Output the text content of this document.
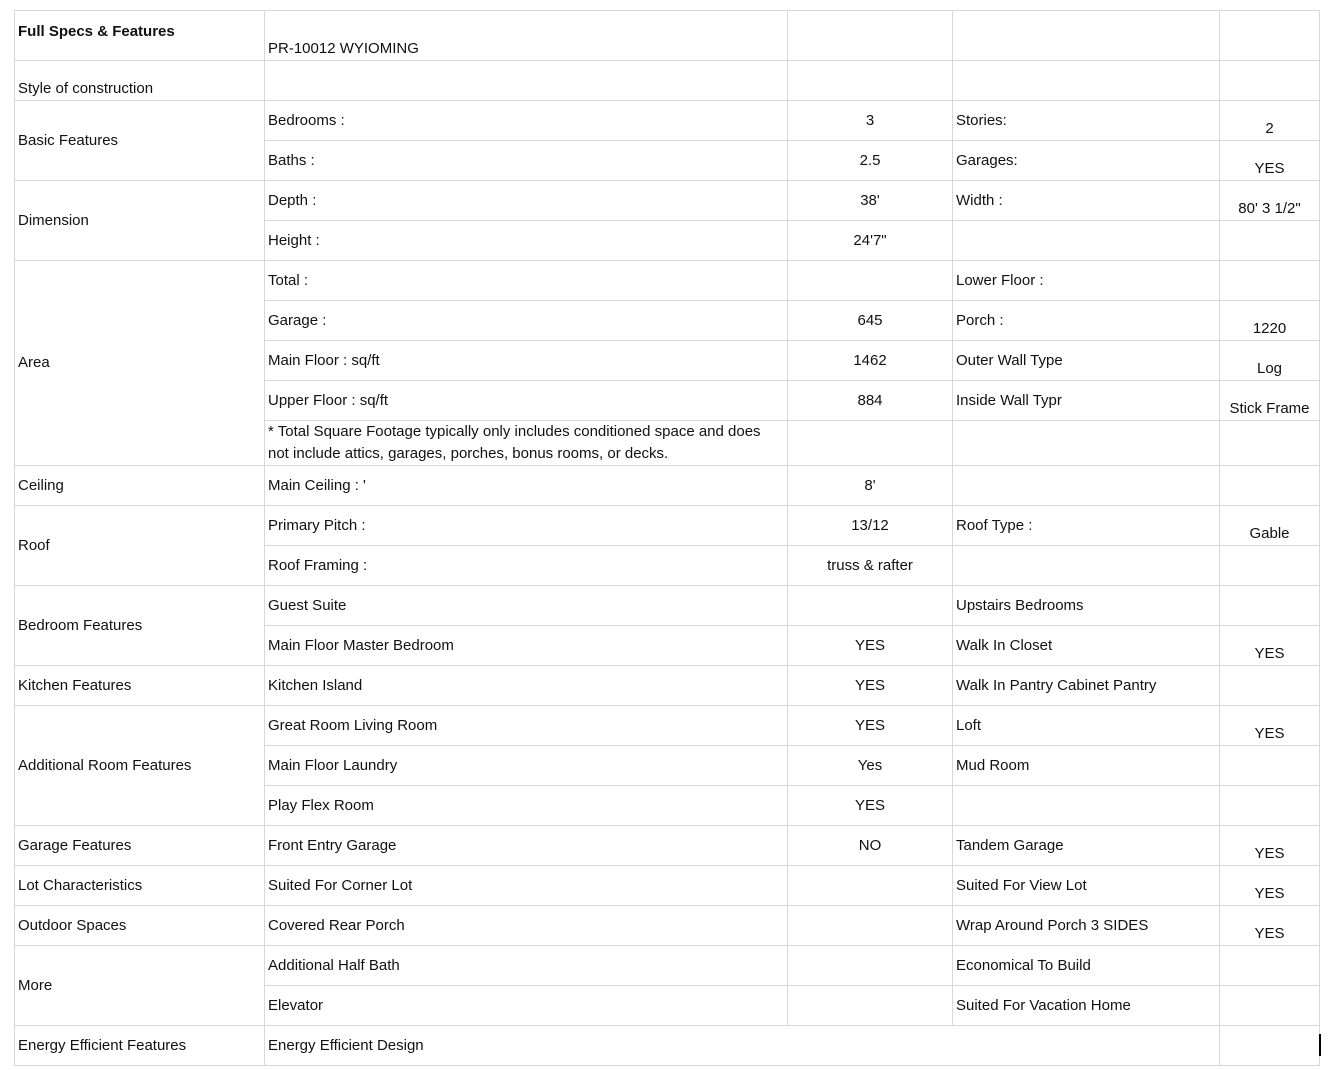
Full Specs & Features	PR-10012 WYIOMING			
Style of construction				
Basic Features	Bedrooms :	3	Stories:	2
	Baths :	2.5	Garages:	YES
Dimension	Depth :	38'	Width :	80' 3 1/2"
	Height :	24'7"		
Area	Total :		Lower Floor :	
	Garage :	645	Porch :	1220
	Main Floor : sq/ft	1462	Outer Wall Type	Log
	Upper Floor : sq/ft	884	Inside Wall Typr	Stick Frame
	* Total Square Footage typically only includes conditioned space and does not include attics, garages, porches, bonus rooms, or decks.			
Ceiling	Main Ceiling : '	8'		
Roof	Primary Pitch :	13/12	Roof Type :	Gable
	Roof Framing :	truss & rafter		
Bedroom Features	Guest Suite		Upstairs Bedrooms	
	Main Floor Master Bedroom	YES	Walk In Closet	YES
Kitchen Features	Kitchen Island	YES	Walk In Pantry Cabinet Pantry	
Additional Room Features	Great Room Living Room	YES	Loft	YES
	Main Floor Laundry	Yes	Mud Room	
	Play Flex Room	YES		
Garage Features	Front Entry Garage	NO	Tandem Garage	YES
Lot Characteristics	Suited For Corner Lot		Suited For View Lot	YES
Outdoor Spaces	Covered Rear Porch		Wrap Around Porch 3 SIDES	YES
More	Additional Half Bath		Economical To Build	
	Elevator		Suited For Vacation Home	
Energy Efficient Features	Energy Efficient Design			
